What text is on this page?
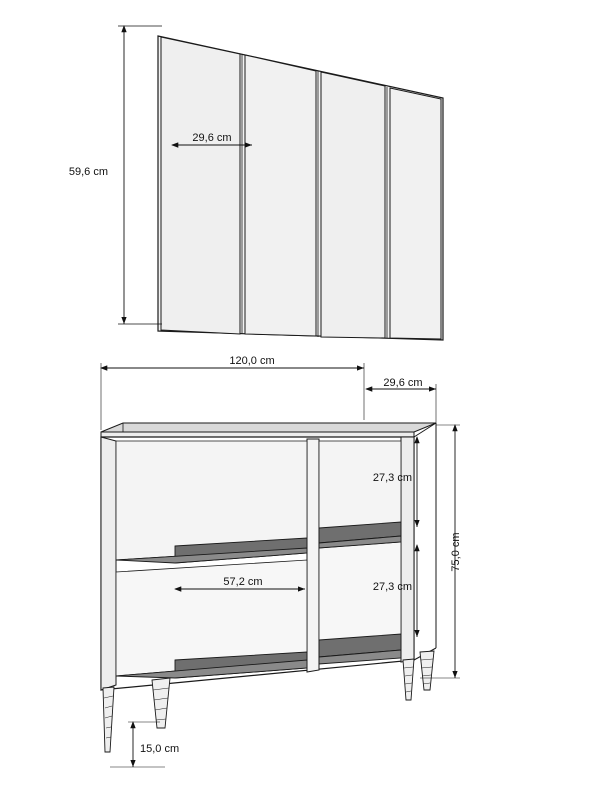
59,6 cm
29,6 cm
120,0 cm
29,6 cm
27,3 cm
27,3 cm
75,0 cm
57,2 cm
15,0 cm
